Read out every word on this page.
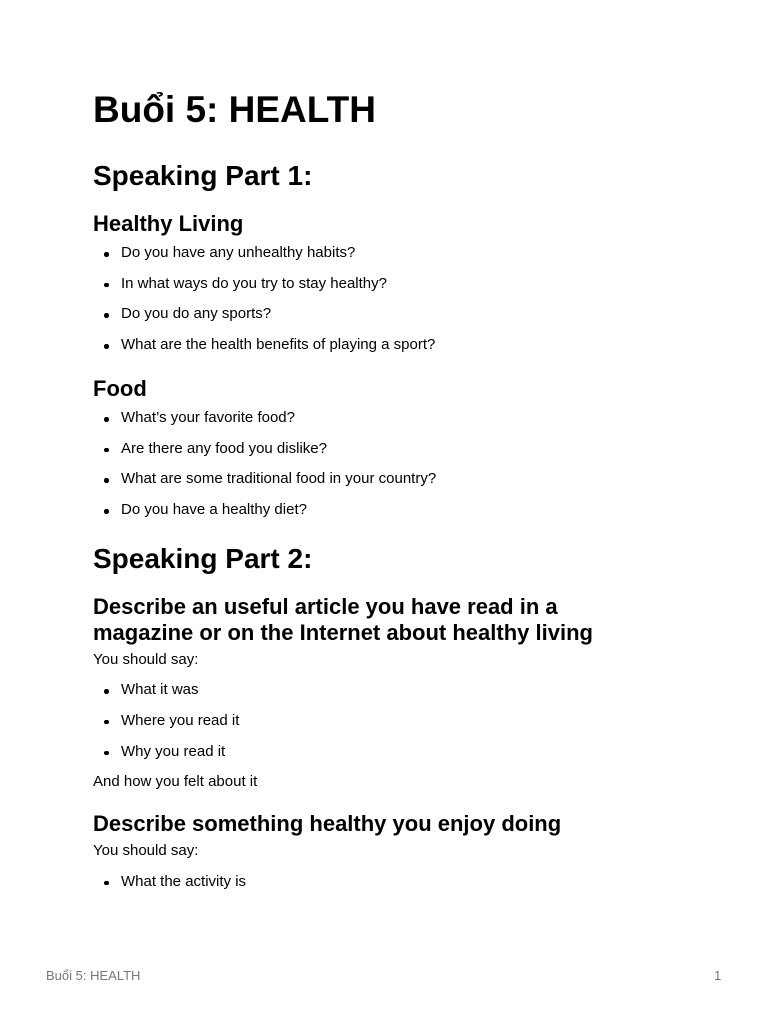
Buổi 5: HEALTH
Speaking Part 1:
Healthy Living
Do you have any unhealthy habits?
In what ways do you try to stay healthy?
Do you do any sports?
What are the health benefits of playing a sport?
Food
What’s your favorite food?
Are there any food you dislike?
What are some traditional food in your country?
Do you have a healthy diet?
Speaking Part 2:
Describe an useful article you have read in a
magazine or on the Internet about healthy living

You should say:

What it was
Where you read it
Why you read it

And how you felt about it

Describe something healthy you enjoy doing

You should say:

What the activity is
Buổi 5: HEALTH	1
